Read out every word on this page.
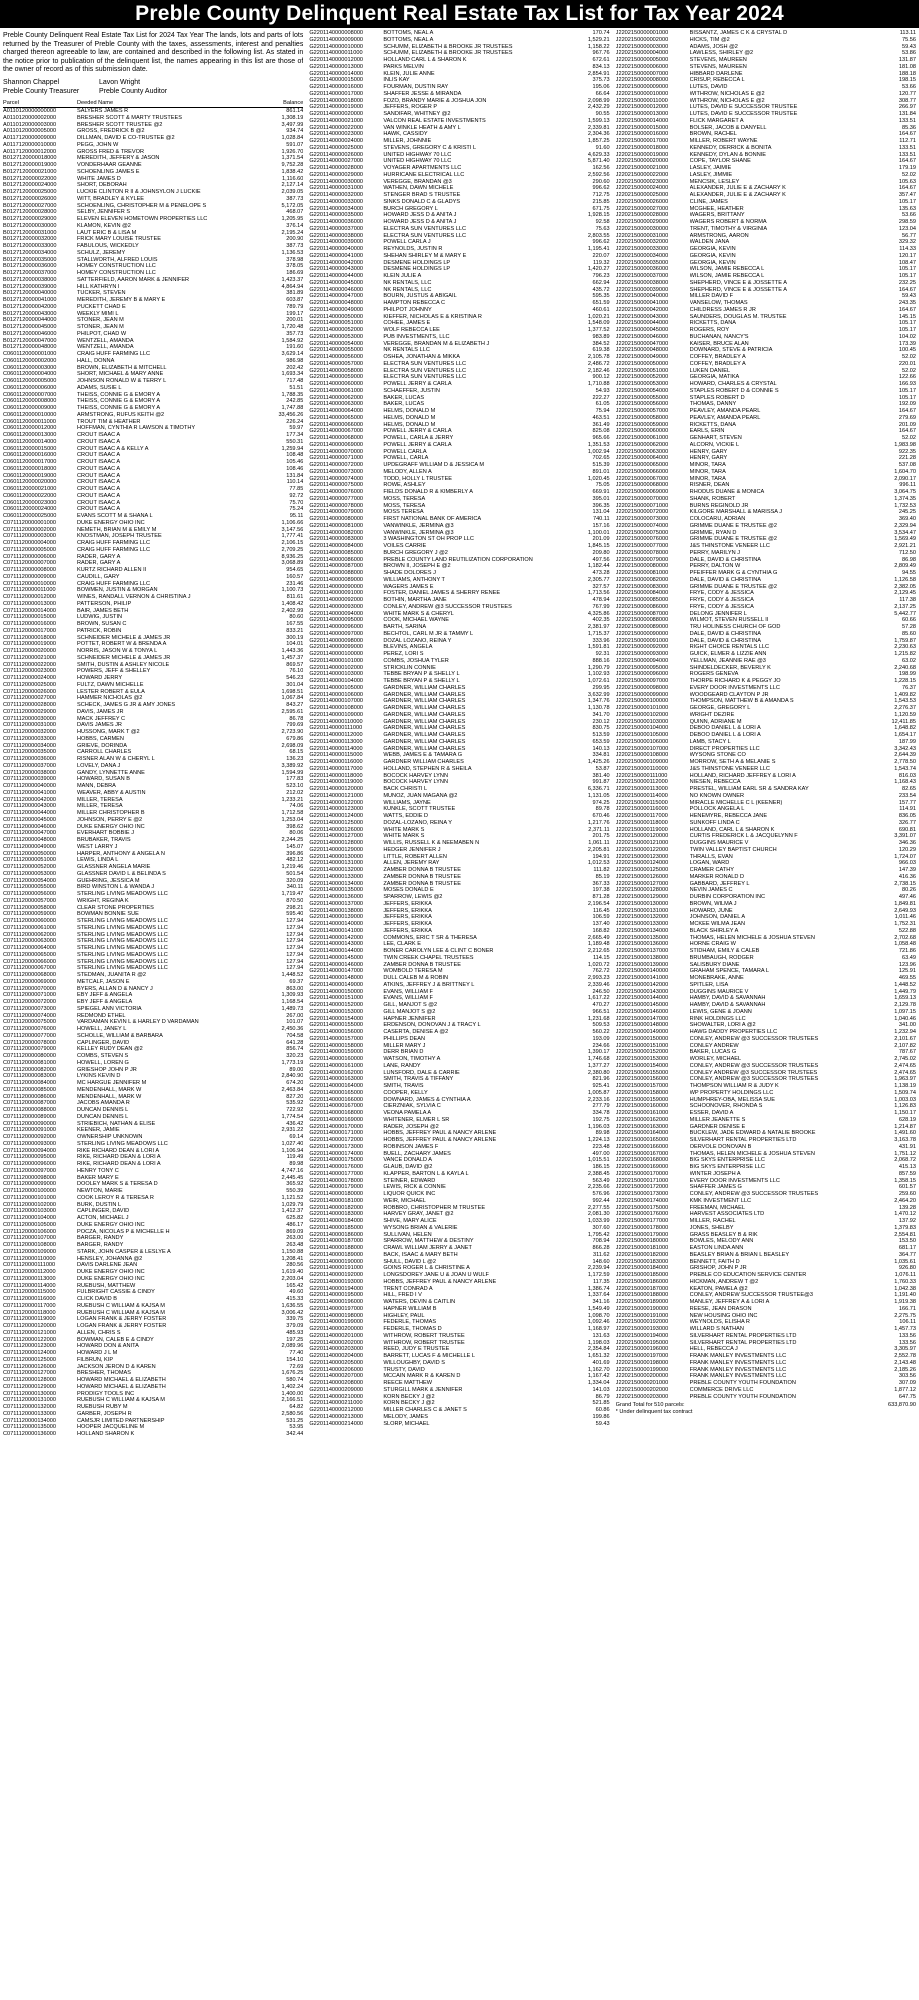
Preble County Delinquent Real Estate Tax List for Tax Year 2024
Preble County Delinquent Real Estate Tax List for 2024 Tax Year The lands, lots and parts of lots returned by the Treasurer of Preble County with the taxes, assessments, interest and penalties charged thereon agreeable to law, are contained and described in the following list. As stated in the notice prior to publication of the delinquent list, the names appearing in this list are those of the owner of record as of this submission date.
Shannon Chappel
Preble County Treasurer
Lavon Wright
Preble County Auditor
Parcel	Deeded Name	Balance
A0110120000000000	SALYERS JAMES R	861.14
A0110120000002000	BRESHER SCOTT & MARTY TRUSTEES	1,308.19
A0110120000003000	BRESHER SCOTT TRUSTEE @2	3,497.99
A0110120000005000	GROSS, FREDRICK B @2	934.74
A0117120000009000	DILLMAN, DAVID E CO-TRUSTEE @2	1,028.84
A0117120000010000	PEGG, JOHN W	591.07
A0117120000012000	GROSS FRED & TREVOR	1,926.70
B0127120000018000	MEREDITH, JEFFERY & JASON	1,371.54
B0127120000019000	VONDERHAAR GEANNE	9,752.28
B0127120000021000	SCHOENLING JAMES E	1,838.42
B0127120000022000	WHITE JAMES D	1,116.60
B0127120000024000	SHORT, DEBORAH	2,127.14
B0127120000025000	LUCKIE CLINTON R II & JOHNSYLON J LUCKIE	2,039.05
B0127120000026000	WITT, BRADLEY & KYLEE	387.73
B0127120000027000	SCHOENLING, CHRISTOPHER M & PENELOPE S	5,172.05
B0127120000028000	SELBY, JENNIFER S	468.07
B0127120000029000	ELEVEN ELEVEN HOMETOWN PROPERTIES LLC	1,205.95
B0127120000030000	KLAMON, KEVIN @2	376.14
B0127120000031000	LAUT ERIC B & LISA M	2,195.24
B0127120000032000	FRICK MARY LOUISE TRUSTEE	200.90
B0127120000033000	FABULOUS, WICKEDLY	387.73
B0127120000034000	SCHULZ, JEREMY	1,136.53
B0127120000035000	STALLWORTH, ALFRED LOUIS	378.98
B0127120000036000	HOMEY CONSTRUCTION LLC	378.05
B0127120000037000	HOMEY CONSTRUCTION LLC	186.69
B0127120000038000	SATTERFIELD, AARON MARK & JENNIFER	1,423.37
B0127120000039000	HILL KATHRYN I	4,864.94
B0127120000040000	TUCKER, STEVEN	381.89
B0127120000041000	MEREDITH, JEREMY B & MARY E	603.87
B0127120000042000	PUCKETT CHAD E	789.79
B0127120000043000	WEEKLY MIMI L	199.17
B0127120000044000	STONER, JEAN M	200.01
B0127120000045000	STONER, JEAN M	1,720.48
B0127120000046000	PHILPOT, CHAD W	357.73
B0127120000047000	WENTZELL, AMANDA	1,584.92
B0127120000048000	WENTZELL, AMANDA	191.60
C0601120000001000	CRAIG HUFF FARMING LLC	3,629.14
C0601120000002000	HALL, DONNA	986.98
C0601120000003000	BROWN, ELIZABETH & MITCHELL	202.42
C0601120000004000	SHORT, MICHAEL & MARY ANNE	1,693.34
C0601120000005000	JOHNSON RONALD W & TERRY L	717.48
C0601120000006000	ADAMS, SUSIE L	51.51
C0601120000007000	THEISS, CONNIE G & EMORY A	1,788.35
C0601120000008000	THEISS, CONNIE G & EMORY A	242.85
C0601120000009000	THEISS, CONNIE G & EMORY A	1,747.88
C0601120000010000	ARMSTRONG, RUFUS KEITH @2	33,456.26
C0601120000011000	TROUT TIM & HEATHER	226.24
C0601120000012000	HOFFMAN, CYNTHIA R LAWSON & TIMOTHY	59.97
C0601120000013000	CROUT ISAAC A	177.34
C0601120000014000	CROUT ISAAC A	550.31
C0601120000015000	CROUT ISAAC A & KELLY A	1,259.94
C0601120000016000	CROUT ISAAC A	108.48
C0601120000017000	CROUT ISAAC A	105.46
C0601120000018000	CROUT ISAAC A	108.46
C0601120000019000	CROUT ISAAC A	131.84
C0601120000020000	CROUT ISAAC A	110.14
C0601120000021000	CROUT ISAAC A	77.85
C0601120000022000	CROUT ISAAC A	92.72
C0601120000023000	CROUT ISAAC A	75.70
C0601120000024000	CROUT ISAAC A	75.24
C0601120000025000	EVANS SCOTT M & SHANA L	95.11
C0711120000001000	DUKE ENERGY OHIO INC	1,106.66
C0711120000002000	NEMETH, BRIAN M & EMILY M	3,147.56
C0711120000003000	KNOSTMAN, JOSEPH TRUSTEE	1,777.41
C0711120000004000	CRAIG HUFF FARMING LLC	2,106.15
C0711120000005000	CRAIG HUFF FARMING LLC	2,709.25
C0711120000006000	RADER, GARY A	8,936.25
C0711120000007000	RADER, GARY A	3,068.89
C0711120000008000	KURTZ RICHARD ALLEN II	954.65
C0711120000009000	CAUDILL, GARY	160.57
C0711120000010000	CRAIG HUFF FARMING LLC	231.46
C0711120000011000	BOWMEN, JUSTIN & MORGAN	1,100.73
C0711120000012000	WINES, RANDALL VERNON & CHRISTINA J	811.61
C0711120000013000	PATTERSON, PHILIP	1,408.42
C0711120000014000	BAIR, JAMES BETH	2,402.99
C0711120000015000	LUDWIG, JUSTIN	80.60
C0711120000016000	BROWN, SUSAN C	167.55
C0711120000017000	PATRICK, ROBIN	833.21
C0711120000018000	SCHNEIDER MICHELE & JAMES JR	300.19
C0711120000019000	POTTET, ROBERT W & BRENDA A	104.01
C0711120000020000	NORRIS, JASON W & TONYA L	1,443.36
C0711120000021000	SCHNEIDER MICHELE & JAMES JR	1,457.37
C0711120000022000	SMITH, DUSTIN & ASHLEY NICOLE	869.57
C0711120000023000	POWERS, JEFF & SHELLEY	76.10
C0711120000024000	HOWARD JERRY	546.23
C0711120000025000	FULTZ, DAWN MICHELLE	301.04
C0711120000026000	LESTER ROBERT & EULA	1,698.51
C0711120000027000	HAMMER NICHOLAS @2	1,067.84
C0711120000028000	SCHECK, JAMES G JR & AMY JONES	843.27
C0711120000029000	DAVIS, JAMES JR	2,595.61
C0711120000030000	MACK JEFFREY C	86.78
C0711120000031000	DAVIS JAMES JR	799.69
C0711120000032000	HUSSONG, MARK T @2	2,723.90
C0711120000033000	HOBBS, CARMEN	679.86
C0711120000034000	GRIEVE, DORINDA	2,698.09
C0711120000035000	CARROLL CHARLES	68.15
C0711120000036000	RISNER ALAN W & CHERYL L	136.23
C0711120000037000	LOVELY, DANA J	3,389.92
C0711120000038000	GANDY, LYNNETTE ANNE	1,594.99
C0711120000039000	HOWARD, SUSAN B	177.83
C0711120000040000	MANN, DEBRA	523.10
C0711120000041000	WEAVER, ABBY & AUSTIN	212.02
C0711120000042000	MILLER, TERESA	1,233.21
C0711120000043000	MILLER, TERESA	74.06
C0711120000044000	MILLER CHRISTOPHER B	1,712.58
C0711120000045000	JOHNSON, PERRY E @2	1,253.04
C0711120000046000	DUKE ENERGY OHIO INC	398.62
C0711120000047000	EVERHART BOBBIE J	80.06
C0711120000048000	BRUBAKER, TRAVIS	2,244.25
C0711120000049000	WEST LARRY J	145.07
C0711120000050000	HARPER, ANTHONY & ANGELA N	396.86
C0711120000051000	LEWIS, LINDA L	482.12
C0711120000052000	GLASSNER ANGELA MARIE	1,219.46
C0711120000053000	GLASSNER DAVID L & BELINDA S	501.54
C0711120000054000	GUEHRING, JESSICA M	320.09
C0711120000055000	BIRD WINSTON L & WANDA J	340.11
C0711120000056000	STERLING LIVING MEADOWS LLC	1,719.47
C0711120000057000	WRIGHT, REGINA K	870.50
C0711120000058000	CLEAR STONE PROPERTIES	298.21
C0711120000059000	BOWMAN BONNIE SUE	595.40
C0711120000060000	STERLING LIVING MEADOWS LLC	127.94
C0711120000061000	STERLING LIVING MEADOWS LLC	127.94
C0711120000062000	STERLING LIVING MEADOWS LLC	127.94
C0711120000063000	STERLING LIVING MEADOWS LLC	127.94
C0711120000064000	STERLING LIVING MEADOWS LLC	127.94
C0711120000065000	STERLING LIVING MEADOWS LLC	127.94
C0711120000066000	STERLING LIVING MEADOWS LLC	127.94
C0711120000067000	STERLING LIVING MEADOWS LLC	127.94
C0711120000068000	STEDMAN, JUANITA R @2	1,448.52
C0711120000069000	METCALF, JASON E	69.37
C0711120000070000	BYERS, ALLAN D & NANCY J	863.00
C0711120000071000	EBY JEFF & ANGELA	1,309.93
C0711120000072000	EBY JEFF & ANGELA	1,168.54
C0711120000073000	SPIEGEL ANN VICTORIA	1,489.73
C0711120000074000	REDMOND ETHEL	267.00
C0711120000075000	VARDAMAN KEVIN L & HARLEY D VARDAMAN	101.07
C0711120000076000	HOWELL, JANEY L	2,450.36
C0711120000077000	SCHOLLE, WILLIAM & BARBARA	704.58
C0711120000078000	CAPLINGER, DAVID	641.28
C0711120000079000	KELLEY RUDY DEAN @2	856.74
C0711120000080000	COMBS, STEVEN S	320.23
C0711120000081000	HOWELL, LOREN G	1,773.19
C0711120000082000	GRIESHOP JOHN P JR	89.00
C0711120000083000	LYKINS KEVIN D	2,840.90
C0711120000084000	MC HARGUE JENNIFER M	674.20
C0711120000085000	MENDENHALL, MARK W	2,463.84
C0711120000086000	MENDENHALL, MARK W	827.20
C0711120000087000	JACOBS AMANDA R	535.92
C0711120000088000	DUNCAN DENNIS L	722.92
C0711120000089000	DUNCAN DENNIS L	1,774.54
C0711120000090000	STRIEBICH, NATHAN & ELISE	436.42
C0711120000091000	KEENER, JAMIE	2,931.22
C0711120000092000	OWNERSHIP UNKNOWN	69.14
C0711120000093000	STERLING LIVING MEADOWS LLC	1,027.40
C0711120000094000	RIKE RICHARD DEAN & LORI A	1,106.94
C0711120000095000	RIKE, RICHARD DEAN & LORI A	119.49
C0711120000096000	RIKE, RICHARD DEAN & LORI A	89.98
C0711120000097000	HENRY TONY C	4,747.16
C0711120000098000	BAKER MARY E	2,445.45
C0711120000099000	DOOLEY MARK S & TERESA D	365.92
C0711120000100000	NEWTON, MARIE	550.39
C0711120000101000	COOK LEROY R & TERESA R	1,121.52
C0711120000102000	BURK, DUSTIN L	1,029.79
C0711120000103000	CAPLINGER, DAVID	1,412.37
C0711120000104000	ACTON, MICHAEL J	625.82
C0711120000105000	DUKE ENERGY OHIO INC	486.17
C0711120000106000	POCZA, NICOLAS P & MICHELLE H	869.09
C0711120000107000	BARGER, RANDY	263.00
C0711120000108000	BARGER, RANDY	263.48
C0711120000109000	STARK, JOHN CASPER & LESLYE A	1,150.88
C0711120000110000	HENSLEY, JOHANNA @2	1,208.41
C0711120000111000	DAVIS DARLENE JEAN	280.56
C0711120000112000	DUKE ENERGY OHIO INC	1,619.40
C0711120000113000	DUKE ENERGY OHIO INC	2,203.04
C0711120000114000	RUEBUSH, MATTHEW	165.42
C0711120000115000	FULBRIGHT CASSIE & CINDY	49.60
C0711120000116000	CLICK DAVID B	415.33
C0711120000117000	RUEBUSH C WILLIAM & KAJSA M	1,636.55
C0711120000118000	RUEBUSH C WILLIAM & KAJSA M	3,006.42
C0711120000119000	LOGAN FRANK & JERRY FOSTER	339.75
C0711120000120000	LOGAN FRANK & JERRY FOSTER	379.09
C0711120000121000	ALLEN, CHRIS S	485.93
C0711120000122000	BOWMAN, CALEB E & CINDY	197.25
C0711120000123000	HOWARD DON & ANITA	2,089.96
C0711120000124000	HOWARD J L M	77.40
C0711120000125000	FILBRUN, KIP	154.10
C0711120000126000	JACKSON JERON D & KAREN	72.69
C0711120000127000	BRESHER, THOMAS	1,676.25
C0711120000128000	HOWARD MICHAEL & ELIZABETH	580.74
C0711120000129000	HOWARD MICHAEL & ELIZABETH	1,402.24
C0711120000130000	PRODIGY TOOLS INC	1,400.00
C0711120000131000	RUEBUSH C WILLIAM & KAJSA M	2,166.51
C0711120000132000	RUEBUSH RUBY M	64.82
C0711120000133000	GARBER, JOSEPH R	2,580.56
C0711120000134000	CAMSJR LIMITED PARTNERSHIP	531.25
C0711120000135000	HOOPER JACQUELINE M	53.95
C0711120000136000	HOLLAND SHARON K	342.44
G2201140000008000	BOTTOMS, NEAL A	170.74
G2201140000009000	BOTTOMS, NEAL A	1,529.21
G2201140000010000	SCHUMM, ELIZABETH & BROOKE JR TRUSTEES	1,158.22
G2201140000011000	SCHUMM, ELIZABETH & BROOKE JR TRUSTEES	967.76
G2201140000012000	HOLLAND CARL L & SHARON K	672.61
G2201140000013000	PARKS MELVIN	834.13
G2201140000014000	KLEIN, JULIE ANNE	2,854.91
G2201140000015000	INLIS KAY	375.73
G2201140000016000	FOURMAN, DUSTIN RAY	195.06
G2201140000017000	SHAFFER JESSE & MIRANDA	66.64
G2201140000018000	FOZO, BRANDY MARIE & JOSHUA JON	2,098.99
G2201140000019000	JEFFERS, ROGER P	2,432.29
G2201140000020000	SANDIFAR, WHITNEY @2	90.55
G2201140000021000	VALCON REAL ESTATE INVESTMENTS	1,599.13
G2201140000022000	VAN WINKLE HEATH & AMY L	2,339.81
G2201140000023000	HAWK, CASSIDY	2,304.36
G2201140000024000	MILLER, JOHNNIE	1,857.25
G2201140000025000	STEVENS, GREGORY C & KRISTI L	91.60
G2201140000026000	UNITED HIGHWAY 70 LLC	4,629.33
G2201140000027000	UNITED HIGHWAY 70 LLC	5,871.40
G2201140000028000	VOYAGER APARTMENTS LLC	162.56
G2201140000029000	HURRICANE ELECTRICAL LLC	2,592.56
G2201140000030000	VEREGGE, BRANDAN @3	290.60
G2201140000031000	WATHEN, DAWN MICHELE	996.62
G2201140000032000	STENGER BRAD S TRUSTEE	712.75
G2201140000033000	SINKS DONALD C & GLADYS	215.85
G2201140000034000	BURCH GREGORY L	671.75
G2201140000035000	HOWARD JESS D & ANITA J	1,928.15
G2201140000036000	HOWARD JESS D & ANITA J	92.58
G2201140000037000	ELECTRA SUN VENTURES LLC	75.63
G2201140000038000	ELECTRA SUN VENTURES LLC	2,803.55
G2201140000039000	POWELL CARLA J	996.62
G2201140000040000	REYNOLDS, JUSTIN R	1,195.41
G2201140000041000	SHEHAN SHIRLEY M & MARY E	220.07
G2201140000042000	DESMENE HOLDINGS LP	119.32
G2201140000043000	DESMENE HOLDINGS LP	1,420.27
G2201140000044000	KLEIN JULIE A	796.23
G2201140000045000	NK RENTALS, LLC	662.94
G2201140000046000	NK RENTALS, LLC	435.72
G2201140000047000	BOURN, JUSTUS & ABIGAIL	595.35
G2201140000048000	HAMPTON REBECCA C	651.59
G2201140000049000	PHILPOT JOHNNY	460.61
G2201140000050000	KIEFFER, NICHOLAS E & KRISTINA R	1,020.21
G2201140000051000	COHEE, JAMES E	1,548.09
G2201140000052000	WOLF REBECCA LEE	1,377.52
G2201140000053000	PUB INVESTMENTS, LLC	983.89
G2201140000054000	VEREGGE, BRANDAN M & ELIZABETH J	384.52
G2201140000055000	NK RENTALS LLC	619.38
G2201140000056000	OSHEA, JONATHAN & MIKKA	2,105.78
G2201140000057000	ELECTRA SUN VENTURES LLC	2,486.72
G2201140000058000	ELECTRA SUN VENTURES LLC	2,182.46
G2201140000059000	ELECTRA SUN VENTURES LLC	900.12
G2201140000060000	POWELL JERRY & CARLA	1,710.88
G2201140000061000	SCHAEFFER, JUSTIN	54.93
G2201140000062000	BAKER, LUCAS	222.27
G2201140000063000	BAKER, LUCAS	61.05
G2201140000064000	HELMS, DONALD M	75.94
G2201140000065000	HELMS, DONALD M	463.51
G2201140000066000	HELMS, DONALD M	361.49
G2201140000067000	POWELL JERRY & CARLA	825.08
G2201140000068000	POWELL, CARLA & JERRY	965.66
G2201140000069000	POWELL JERRY & CARLA	1,351.53
G2201140000070000	POWELL CARLA	1,002.94
G2201140000071000	POWELL, CARLA	702.65
G2201140000072000	UPDEGRAFF WILLIAM D & JESSICA M	515.39
G2201140000073000	MELODY, ALLEN A	891.01
G2201140000074000	TODD, HOLLY L TRUSTEE	1,020.45
G2201140000075000	ROWE, ASHLEY	75.05
G2201140000076000	FIELDS DONALD R & KIMBERLY A	669.91
G2201140000077000	MOSS, TERESA	395.01
G2201140000078000	MOSS, TERESA	396.35
G2201140000079000	MOSS TERESA	131.04
G2201140000080000	FIRST NATIONAL BANK OF AMERICA	740.11
G2201140000081000	VANWINKLE, JERMINA @3	157.16
G2201140000082000	VANWINKLE, JERMINA @3	1,100.01
G2201140000083000	3 WASHINGTON ST OH PROP LLC	201.09
G2201140000084000	VOILES CARRIE	1,845.15
G2201140000085000	BURCH GREGORY J @2	209.80
G2201140000086000	PREBLE COUNTY LAND REUTILIZATION CORPORATION	497.56
G2201140000087000	BROWN II, JOSEPH E @2	1,182.44
G2201140000088000	SHADE DOLORES J	473.28
G2201140000089000	WILLIAMS, ANTHONY T	2,305.77
G2201140000090000	WAGERS JAMES E	327.57
G2201140000091000	FOSTER, DANIEL JAMES & SHERRY RENEE	1,713.56
G2201140000092000	BOTHIN, MARTHA JANE	478.94
G2201140000093000	CONLEY, ANDREW @3 SUCCESSOR TRUSTEES	767.99
G2201140000094000	WHITE MARK S & CHERYL	4,325.86
G2201140000095000	COOK, MICHAEL WAYNE	402.35
G2201140000096000	BARTH, SARINA	2,381.97
G2201140000097000	BECHTOL, CARL M JR & TAMMY L	1,715.37
G2201140000098000	DOZAL LOZANO, REINA Y	333.96
G2201140000099000	BLEVINS, ANGELA	1,591.81
G2201140000100000	PEREZ, LORI S	92.31
G2201140000101000	COMBS, JOSHUA TYLER	888.16
G2201140000102000	STRICKLIN CONNIE	1,290.79
G2201140000103000	TEBBE BRYAN P & SHELLY L	1,102.93
G2201140000104000	TEBBE BRYAN P & SHELLY L	1,072.61
G2201140000105000	GARDNER, WILLIAM CHARLES	299.95
G2201140000106000	GARDNER, WILLIAM CHARLES	3,632.99
G2201140000107000	GARDNER, WILLIAM CHARLES	1,347.76
G2201140000108000	GARDNER, WILLIAM CHARLES	1,130.78
G2201140000109000	GARDNER, WILLIAM CHARLES	341.70
G2201140000110000	GARDNER, WILLIAM CHARLES	230.12
G2201140000111000	GARDNER, WILLIAM CHARLES	830.75
G2201140000112000	GARDNER, WILLIAM CHARLES	513.59
G2201140000113000	GARDNER, WILLIAM CHARLES	653.59
G2201140000114000	GARDNER, WILLIAM CHARLES	140.13
G2201140000115000	WEBB, JAMES E & TAMARA G	334.81
G2201140000116000	GARDNER WILLIAM CHARLES	1,425.26
G2201140000117000	HOLLAND, STEPHEN R & SHEILA	53.87
G2201140000118000	BOCOCK HARVEY LYNN	381.40
G2201140000119000	BOCOCK HARVEY LYNN	991.87
G2201140000120000	BACK CHRISTI L	6,336.71
G2201140000121000	MUNOZ, JUAN MAGANA @2	1,131.05
G2201140000122000	WILLIAMS, JAYNE	974.25
G2201140000123000	KUNKLE, SCOTT TRUSTEE	89.78
G2201140000124000	WATTS, EDDIE D	670.46
G2201140000125000	DOZAL-LOZANO, REINA Y	1,217.76
G2201140000126000	WHITE MARK S	2,371.11
G2201140000127000	WHITE MARK S	201.75
G2201140000128000	WILLIS, RUSSELL K & NEEMABEN N	1,061.11
G2201140000129000	HEDGER JENNIFER J	2,205.81
G2201140000130000	LITTLE, ROBERT ALLEN	194.91
G2201140000131000	ALLEN, JEREMY RAY	1,012.53
G2201140000132000	ZAMBER DONNA B TRUSTEE	111.82
G2201140000133000	ZAMBER DONNA B TRUSTEE	85.19
G2201140000134000	ZAMBER DONNA B TRUSTEE	367.33
G2201140000135000	MOSES DONALD E	197.38
G2201140000136000	SPARROW, LEWIS @2	871.28
G2201140000137000	JEFFERS, ERIKKA	2,196.54
G2201140000138000	JEFFERS, ERIKKA	116.45
G2201140000139000	JEFFERS, ERIKKA	106.59
G2201140000140000	JEFFERS, ERIKKA	137.40
G2201140000141000	JEFFERS, ERIKKA	168.82
G2201140000142000	COMMONS, ERIC T SR & THERESA	2,665.49
G2201140000143000	LEE, CLARK E	1,189.48
G2201140000144000	BONER CAROLYN LEE & CLINT C BONER	2,212.65
G2201140000145000	TWIN CREEK CHAPEL TRUSTEES	114.15
G2201140000146000	ZAMBER DONNA B TRUSTEE	1,020.72
G2201140000147000	WOMBOLD TERESA M	762.72
G2201140000148000	DULL CALEB M & ROBIN	2,993.23
G2201140000149000	ATKINS, JEFFREY J & BRITTNEY L	2,339.46
G2201140000150000	EVANS, WILLIAM F	246.50
G2201140000151000	EVANS, WILLIAM F	1,617.22
G2201140000152000	GILL, MANJOT S @2	470.27
G2201140000153000	GILL MANJOT S @2	966.51
G2201140000154000	HAPNER JENNIFER	1,231.68
G2201140000155000	ERDENSON, DONOVAN J & TRACY L	509.53
G2201140000156000	CASERTA, DENISE A @2	560.22
G2201140000157000	PHILLIPS DEAN	193.09
G2201140000158000	MILLER MARY J	234.66
G2201140000159000	DERR BRIAN D	1,390.17
G2201140000160000	WATSON, TIMOTHY A	1,746.68
G2201140000161000	LANE, RANDY	1,377.27
G2201140000162000	LUNSFORD, DALE & CARRIE	2,380.80
G2201140000163000	SMITH, TRAVIS & TIFFANY	821.96
G2201140000164000	SMITH, TRAVIS	925.41
G2201140000165000	COOPER, KELLY	1,005.87
G2201140000166000	DOWNARD, JAMES & CYNTHIA A	2,233.16
G2201140000167000	CIERZNIAK, SYLVIA C	277.79
G2201140000168000	VEONA PAMELA A	334.78
G2201140000169000	WHITENER, ELMER L SR	192.75
G2201140000170000	RADER, JOSEPH @2	1,196.03
G2201140000171000	HOBBS, JEFFREY PAUL & NANCY ARLENE	89.98
G2201140000172000	HOBBS, JEFFREY PAUL & NANCY ARLENE	1,224.13
G2201140000173000	ROBINSON JAMES F	223.48
G2201140000174000	BUELL, ZACHARY JAMES	497.00
G2201140000175000	VANCE DONALD A	1,015.51
G2201140000176000	GLAUB, DAVID @2	186.15
G2201140000177000	KLAPPER, BARTON L & KAYLA L	2,388.45
G2201140000178000	STEINER, EDWARD	563.49
G2201140000179000	LEWIS, RICK & CONNIE	2,235.66
G2201140000180000	LIQUOR QUICK INC	576.96
G2201140000181000	WEIR, MICHAEL	992.44
G2201140000182000	ROBBRO, CHRISTOPHER M TRUSTEE	2,277.55
G2201140000183000	HARVEY GRAY, JANET @2	2,081.30
G2201140000184000	SHIVE, MARY ALICE	1,033.99
G2201140000185000	WYSONG BRIAN & VALERIE	307.60
G2201140000186000	SULLIVAN, HELEN	1,795.42
G2201140000187000	SPARROW, MATTHEW & DESTINY	708.94
G2201140000188000	CRAWL WILLIAM JERRY & JANET	866.28
G2201140000189000	BACK, ISAAC & MARY BETH	311.62
G2201140000190000	SHULL, DAVID L @2	148.60
G2201140000191000	GOINS ROGER L & CHRISTINE A	2,239.94
G2201140000192000	LONGSDOREY JANE U & JOAN U WULF	1,172.59
G2201140000193000	HOBBS, JEFFREY PAUL & NANCY ARLENE	117.35
G2201140000194000	TRENT CONRAD A	1,386.74
G2201140000195000	HILL, FRED I V	1,337.64
G2201140000196000	WATERS, DEVIN & CAITLIN	341.16
G2201140000197000	HAPNER WILLIAM B	1,549.49
G2201140000198000	HIGHLEY, PAUL	1,098.70
G2201140000199000	FEDERLE, THOMAS	1,092.46
G2201140000200000	FEDERLE, THOMAS D	1,168.97
G2201140000201000	WITHROW, ROBERT TRUSTEE	131.63
G2201140000202000	WITHROW, ROBERT TRUSTEE	1,198.03
G2201140000203000	REED, JUDY E TRUSTEE	2,354.84
G2201140000204000	BARRETT, LUCAS F & MICHELLE L	1,651.32
G2201140000205000	WILLOUGHBY, DAVID S	401.69
G2201140000206000	TRUSTY, DAVID	1,162.70
G2201140000207000	MCCAIN MARK R & KAREN D	1,167.42
G2201140000208000	REECE MATTHEW	1,334.04
G2201140000209000	STURGILL MARK & JENNIFER	141.03
G2201140000210000	KORN BECKY J @2	86.79
G2201140000211000	KORN BECKY J @2	521.85
G2201140000212000	MILLER CHARLES C & JANET S	60.86
G2201140000213000	MELODY, JAMES	199.86
G2201140000214000	SLORP, MICHAEL	59.43
J2202150000001000	BISSANTZ, JAMES C K & CRYSTAL D	113.11
J2202150000002000	HICKS, TIM @2	75.56
J2202150000003000	ADAMS, JOSH @2	59.43
J2202150000004000	LAWLESS, SHIRLEY @2	53.86
J2202150000005000	STEVENS, MAUREEN	131.87
J2202150000006000	STEVENS, MAUREEN	181.08
J2202150000007000	HIBBARD DARLENE	188.18
J2202150000008000	CRISUP, REBECCA L	198.15
J2202150000009000	LUTES, DAVID	53.66
J2202150000010000	WITHROW, NICHOLAS E @2	120.77
J2202150000011000	WITHROW, NICHOLAS E @2	308.77
J2202150000012000	LUTES, DAVID E SUCCESSOR TRUSTEE	266.97
J2202150000013000	LUTES, DAVID E SUCCESSOR TRUSTEE	131.84
J2202150000014000	FLICK MARGARET A	133.51
J2202150000015000	BOLSER, JACOB & DANYELL	85.36
J2202150000016000	BROWN, RACHEL	164.67
J2202150000017000	MILLER, ROBERT WAYNE	112.71
J2202150000018000	KENNEDY, DERRICK & BONITA	133.51
J2202150000019000	KENNEDY, DYLAN & BONNIE	133.51
J2202150000020000	COPE, TAYLOR SHANE	164.67
J2202150000021000	LASLEY, JAIMIE	179.19
J2202150000022000	LASLEY, JIMMIE	52.02
J2202150000023000	MENCSIK, LESLEY	105.63
J2202150000024000	ALEXANDER, JULIE E & ZACHARY K	164.67
J2202150000025000	ALEXANDER, JULIE E & ZACHARY K	357.47
J2202150000026000	CLINE, JAMES	105.17
J2202150000027000	MCGHEE, HEATHER	135.63
J2202150000028000	WAGERS, BRITTANY	53.66
J2202150000029000	WAGERS ROBERT & NORMA	298.59
J2202150000030000	TRENT, TIMOTHY & VIRGINIA	123.04
J2202150000031000	ARMSTRONG, AARON	56.77
J2202150000032000	WALDEN JANA	329.32
J2202150000033000	GEORGIA, KEVIN	114.33
J2202150000034000	GEORGIA, KEVIN	120.17
J2202150000035000	GEORGIA, KEVIN	108.47
J2202150000036000	WILSON, JAMIE REBECCA L	105.17
J2202150000037000	WILSON, JAMIE REBECCA L	105.17
J2202150000038000	SHEPHERD, VINCE E & JOSSETTE A	232.25
J2202150000039000	SHEPHERD, VINCE E & JOSSETTE A	164.67
J2202150000040000	MILLER DAVID F	59.43
J2202150000041000	VANSELOW, THOMAS	243.35
J2202150000042000	CHILDRESS JAMES R JR	164.67
J2202150000043000	SAUNDERS, DOUGLAS M. TRUSTEE	145.15
J2202150000044000	RICKETTS, DANA	105.17
J2202150000045000	ROGERS, ROY	105.17
J2202150000046000	BUCHANAN, NANCY'S	104.02
J2202150000047000	KAISER, BRUCE ALAN	173.39
J2202150000048000	DOWNARD, STEVE & PATRICIA	100.45
J2202150000049000	COFFEY, BRADLEY A	52.02
J2202150000050000	COFFEY, BRADLEY A	220.01
J2202150000051000	LUKEN DANIEL	52.02
J2202150000052000	GEORGIA, MATIKA	122.66
J2202150000053000	HOWARD, CHARLES & CRYSTAL	166.93
J2202150000054000	STAPLES ROBERT D & CONNIE S	105.17
J2202150000055000	STAPLES ROBERT D	105.17
J2202150000056000	THOMAS, DANNY	192.09
J2202150000057000	PEAVLEY, AMANDA PEARL	164.67
J2202150000058000	PEAVLEY, AMANDA PEARL	279.69
J2202150000059000	RICKETTS, DANA	201.09
J2202150000060000	EARLS, ERIN	164.67
J2202150000061000	GENHART, STEVEN	52.02
J2202150000062000	ALCORN, VICKIE L	1,983.98
J2202150000063000	HENRY, GARY	922.35
J2202150000064000	HENRY, GARY	221.28
J2202150000065000	MINOR, TARA	537.08
J2202150000066000	MINOR, TARA	1,604.70
J2202150000067000	MINOR, TARA	2,090.17
J2202150000068000	RISNER, DEAN	996.11
J2202150000069000	RHODUS DUANE & MONICA	3,064.75
J2202150000070000	SHANK, ROBERT	1,374.35
J2202150000071000	BURNS REGINOLD JR	1,732.53
J2202150000072000	KILGORE MARSHALL & MARISSA J	245.25
J2202150000073000	COLOCARU, ADRIAN	369.40
J2202150000074000	GRIMME DUANE E TRUSTEE @2	2,329.94
J2202150000075000	GRIMME, RYAN D	3,534.47
J2202150000076000	GRIMME DUANE E TRUSTEE @2	1,569.49
J2202150000077000	J&S THINSTONE VENEER LLC	2,921.21
J2202150000078000	PERRY, MARILYN J	712.50
J2202150000079000	DALE, DAVID & CHRISTINA	86.98
J2202150000080000	PERRY, DALTON W	2,809.49
J2202150000081000	PFEIFFER MARK G & CYNTHIA G	94.55
J2202150000082000	DALE, DAVID & CHRISTINA	1,126.58
J2202150000083000	GRIMME DUANE E TRUSTEE @2	2,382.05
J2202150000084000	FRYE, CODY & JESSICA	2,129.45
J2202150000085000	FRYE, CODY & JESSICA	117.38
J2202150000086000	FRYE, CODY & JESSICA	2,137.25
J2202150000087000	DELONG JENNIFER L	5,442.77
J2202150000088000	WILMOT, STEVEN RUSSELL II	60.66
J2202150000089000	TRU HOLINESS CHURCH OF GOD	57.28
J2202150000090000	DALE, DAVID & CHRISTINA	85.60
J2202150000091000	DALE, DAVID & CHRISTINA	1,759.87
J2202150000092000	RIGHT CHOICE RENTALS LLC	2,230.63
J2202150000093000	GUICK, ELMER & LIZZIE ANN	1,215.82
J2202150000094000	YELLMAN, JEANNIE RAE @3	63.02
J2202150000095000	SHINDELDECKER, BEVERLY K	2,240.68
J2202150000096000	ROGERS GENEVA	198.99
J2202150000097000	THORPE RICHARD K & PEGGY JO	1,228.15
J2202150000098000	EVERY DOOR INVESTMENTS LLC	76.37
J2202150000099000	WOODGEARD CLAYTON P JR	1,409.82
J2202150000100000	THOMPSON, MATTHEW B & AMANDA S	1,543.53
J2202150000101000	GEORGE, GREGORY L	2,276.37
J2202150000102000	WRIGHT DEZIRE	1,120.59
J2202150000103000	QUINN, ADRIANE M	12,411.85
J2202150000104000	DEBOO DANIEL L & LORI A	1,648.82
J2202150000105000	DEBOO DANIEL L & LORI A	1,654.17
J2202150000106000	LAMB, STACY L	187.99
J2202150000107000	DIRECT PROPERTIES LLC	3,342.43
J2202150000108000	WYSONG STONE CO	2,644.39
J2202150000109000	MORROW, SETH A & MELANIE S	2,778.50
J2202150000110000	J&S THINSTONE VENEER LLC	1,543.74
J2202150000111000	HOLLAND, RICHARD JEFFREY & LORI A	816.03
J2202150000112000	NIESEN, REBECCA	1,168.43
J2202150000113000	PRESTEL, WILLIAM EARL SR & SANDRA KAY	82.65
J2202150000114000	NO KNOWN OWNER	233.54
J2202150000115000	MIRACLE MICHELLE C L (KEENER)	157.77
J2202150000116000	POLLOCK ANGELA L	114.91
J2202150000117000	HENEMYRE, REBECCA JANE	836.05
J2202150000118000	SUNKOFF LINDA C	326.77
J2202150000119000	HOLLAND, CARL L & SHARON K	690.81
J2202150000120000	CURTIS FREDERICK L & JACQUELYNN F	3,391.07
J2202150000121000	DUGGINS MAURICE V	346.36
J2202150000122000	TWIN VALLEY BAPTIST CHURCH	120.29
J2202150000123000	THRALLS, EVAN	1,724.07
J2202150000124000	LOGAN, WARD	966.03
J2202150000125000	CRAMER CATHY	147.39
J2202150000126000	MARKER RONALD D	416.36
J2202150000127000	GABBARD, JEFFREY L	2,738.15
J2202150000128000	NEVIN JAMES C	80.26
J2202150000129000	DURBIN CORPORATION INC	497.46
J2202150000130000	BROWN, WILMA J	1,849.81
J2202150000131000	HOWARD, JUNE	2,649.93
J2202150000132000	JOHNSON, DANIEL A	1,011.46
J2202150000133000	MCKEE WILMA JEAN	1,752.31
J2202150000134000	BLACK SHIRLEY A	522.88
J2202150000135000	THOMAS, HELEN MICHELE & JOSHUA STEVEN	2,702.68
J2202150000136000	HORNE CRAIG W	1,058.48
J2202150000137000	STIDHAM, EMILY & CALEB	721.86
J2202150000138000	BRUMBAUGH, RODGER	63.49
J2202150000139000	SALISBURY DIANE	123.96
J2202150000140000	GRAHAM SPENCE, TAMARA L	125.91
J2202150000141000	MONEBRAKE, ANNE	469.55
J2202150000142000	SPITLER, LISA	1,448.52
J2202150000143000	DUGGINS MAURICE V	1,449.79
J2202150000144000	HAMBY, DAVID & SAVANNAH	1,659.13
J2202150000145000	HAMBY, DAVID & SAVANNAH	2,129.78
J2202150000146000	LEWIS, GENE & JOANN	1,097.15
J2202150000147000	RINK HOLDINGS LLC	1,040.46
J2202150000148000	SHOWALTER, LORI A @2	341.00
J2202150000149000	HAWG DADDY PROPERTIES LLC	1,232.94
J2202150000150000	CONLEY, ANDREW @3 SUCCESSOR TRUSTEES	2,101.67
J2202150000151000	CONLEY ANDREW	2,107.82
J2202150000152000	BAKER, LUCAS G	787.67
J2202150000153000	WORLEY, MICHAEL	2,745.02
J2202150000154000	CONLEY, ANDREW @3 SUCCESSOR TRUSTEES	2,474.65
J2202150000155000	CONLEY ANDREW @3 SUCCESSOR TRUSTEES	2,474.65
J2202150000156000	CONLEY, ANDREW @3 SUCCESSOR TRUSTEES	1,963.97
J2202150000157000	THOMPSON WILLIAM R & JUDY K	1,138.19
J2202150000158000	WP PROPERTY HOLDINGS LLC	1,509.74
J2202150000159000	HUMPHREY-OBA, MELISSA SUE	1,003.03
J2202150000160000	SCHOONOVER, RHONDA S	1,126.83
J2202150000161000	ESSER, DAVID A	1,150.17
J2202150000162000	MILLER JEANETTE S	628.19
J2202150000163000	GARDNER DENISE E	1,214.87
J2202150000164000	BUCKLEW, JADE EDWARD & NATALIE BROOKE	1,491.60
J2202150000165000	SILVERHART RENTAL PROPERTIES LTD	3,163.78
J2202150000166000	OERVOLE DONOVAN B	431.91
J2202150000167000	THOMAS, HELEN MICHELE & JOSHUA STEVEN	1,751.12
J2202150000168000	BIG SKYS ENTERPRISE LLC	2,068.72
J2202150000169000	BIG SKYS ENTERPRISE LLC	415.13
J2202150000170000	WINTER JOSEPH A	857.59
J2202150000171000	EVERY DOOR INVESTMENTS LLC	1,358.15
J2202150000172000	SHAFFER JAMES G	601.57
J2202150000173000	CONLEY, ANDREW @3 SUCCESSOR TRUSTEES	259.60
J2202150000174000	KMK INVESTMENT LLC	2,464.20
J2202150000175000	FREEMAN, MICHAEL	139.28
J2202150000176000	HARVEST ASSOCIATES LTD	1,470.12
J2202150000177000	MILLER, RACHEL	137.92
J2202150000178000	JONES, SHELBY	1,379.83
J2202150000179000	GRASS BEASLEY B & RIK	2,554.81
J2202150000180000	BOWLES, MELODY ANN	153.50
J2202150000181000	EASTON LINDA ANN	681.17
J2202150000182000	BEASLEY BRIAN & BRIAN L BEASLEY	364.77
J2202150000183000	BENNETT, FAITH D	1,035.61
J2202150000184000	GRISHOP, JOHN P JR	926.80
J2202150000185000	PREBLE CO EDUCATION SERVICE CENTER	1,076.11
J2202150000186000	HICKMAN, ANDREW T @2	1,760.33
J2202150000187000	KEATON, PAMELA @2	1,042.38
J2202150000188000	CONLEY, ANDREW SUCCESSOR TRUSTEE@3	1,191.40
J2202150000189000	MANLEY, JEFFREY A & LORI A	1,919.38
J2202150000190000	REESE, JEAN DRASON	166.71
J2202150000191000	NEW HOUSING OHIO INC	2,275.75
J2202150000192000	WEYNOLDS, ELISHA R	106.11
J2202150000193000	WILLARD S NATHAN	1,457.73
J2202150000194000	SILVERHART RENTAL PROPERTIES LTD	133.56
J2202150000195000	SILVERHART RENTAL PROPERTIES LTD	133.56
J2202150000196000	HELL, REBECCA J	3,305.97
J2202150000197000	FRANK MANLEY INVESTMENTS LLC	2,552.78
J2202150000198000	FRANK MANLEY INVESTMENTS LLC	2,143.48
J2202150000199000	FRANK MANLEY INVESTMENTS LLC	2,185.26
J2202150000200000	FRANK MANLEY INVESTMENTS LLC	303.56
J2202150000201000	PREBLE COUNTY YOUTH FOUNDATION	307.09
J2202150000202000	COMMERCE DRIVE LLC	1,877.12
J2202150000203000	PREBLE COUNTY YOUTH FOUNDATION	647.75
Grand Total for 510 parcels:	633,870.90
* Under delinquent tax contract
